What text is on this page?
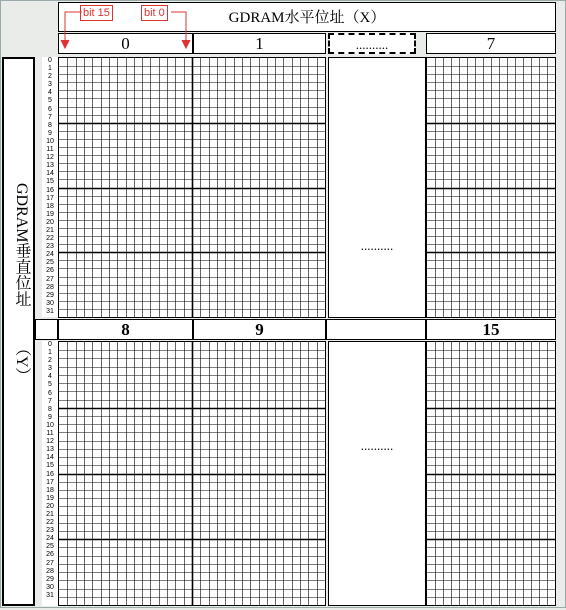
GDRAM水平位址（X）
0	1	..........	7
bit 15	bit 0
GDRAM垂直位址
（Y）
0
1
2
3
4
5
6
7
8
9
10
11
12
13
14
15
16
17
18
19
20
21
22
23
24
25
26
27
28
29
30
31
0
1
2
3
4
5
6
7
8
9
10
11
12
13
14
15
16
17
18
19
20
21
22
23
24
25
26
27
28
29
30
31
..........
8	9	15
..........
